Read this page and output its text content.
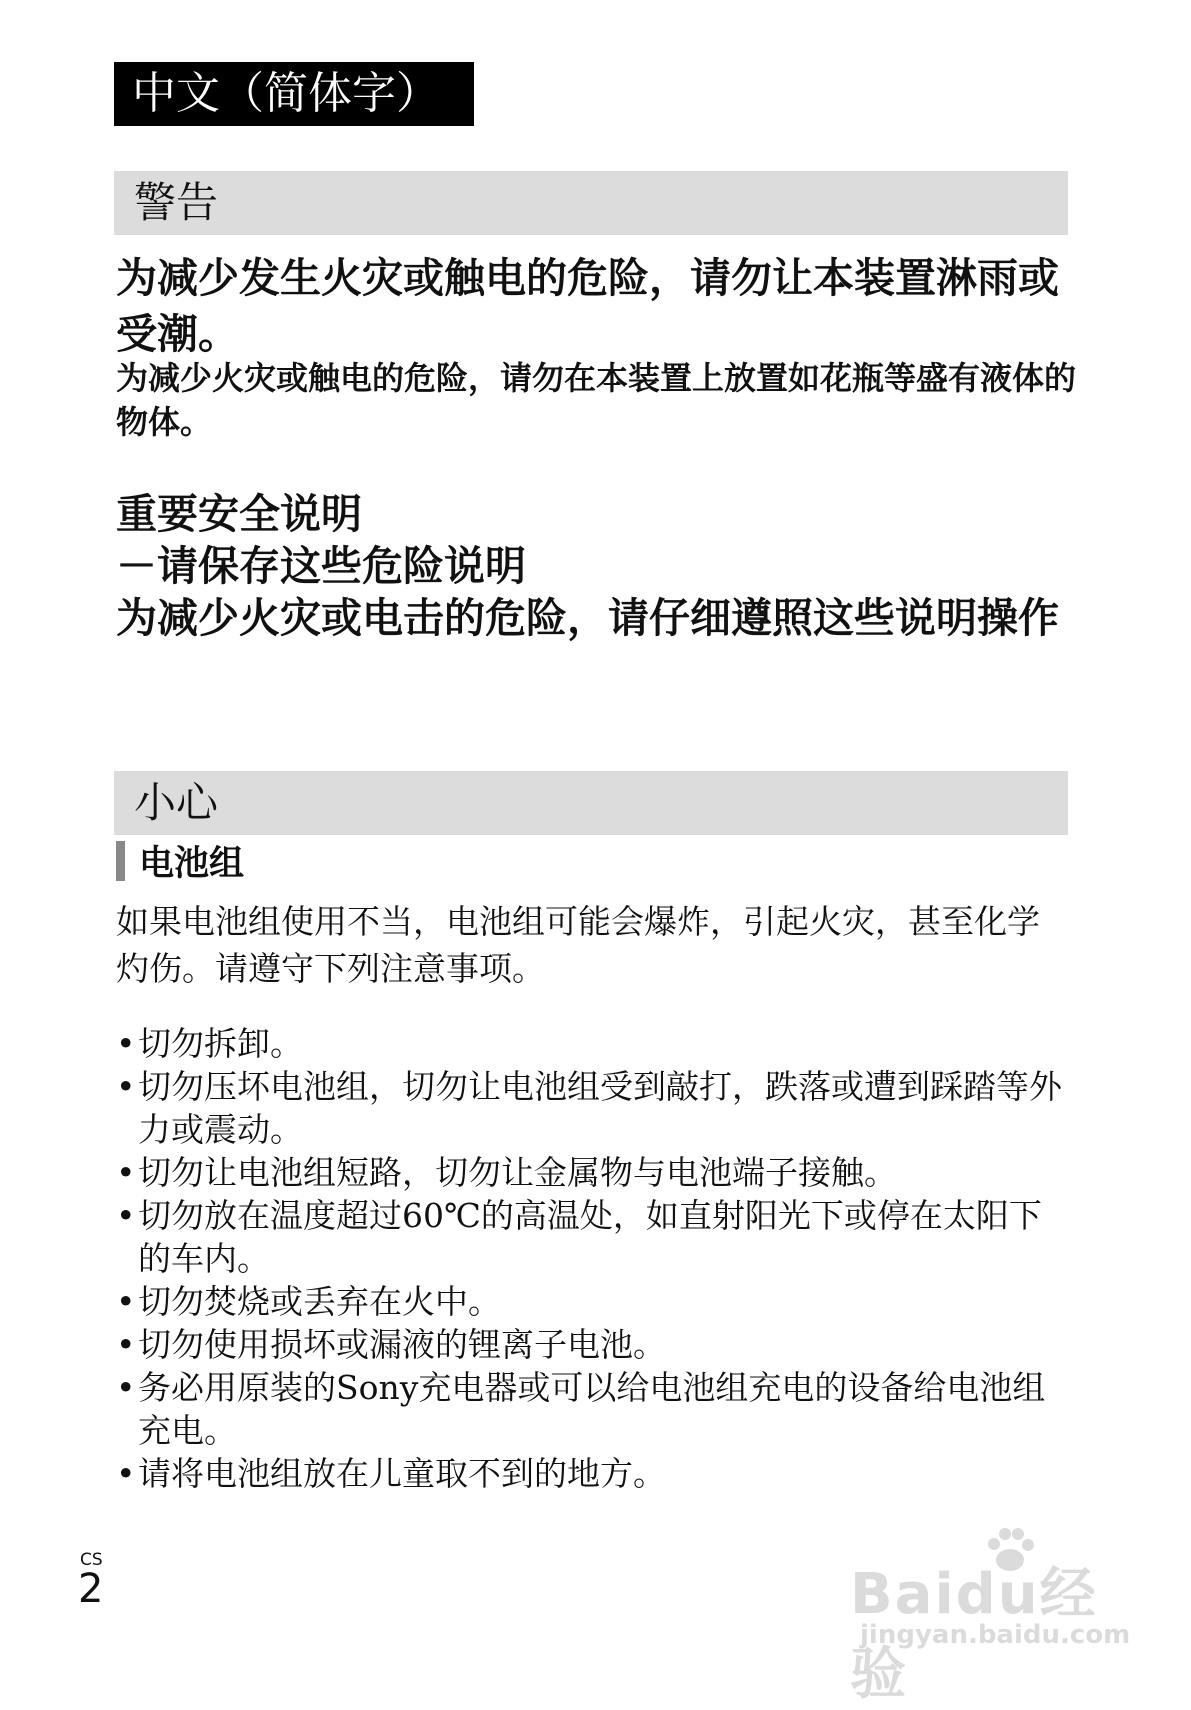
中文（简体字）
警告
为减少发生火灾或触电的危险，请勿让本装置淋雨或受潮。
为减少火灾或触电的危险，请勿在本装置上放置如花瓶等盛有液体的物体。

重要安全说明

－请保存这些危险说明

为减少火灾或电击的危险，请仔细遵照这些说明操作

小心
电池组
如果电池组使用不当，电池组可能会爆炸，引起火灾，甚至化学灼伤。请遵守下列注意事项。
• 切勿拆卸。
• 切勿压坏电池组，切勿让电池组受到敲打，跌落或遭到踩踏等外力或震动。
• 切勿让电池组短路，切勿让金属物与电池端子接触。
• 切勿放在温度超过60℃的高温处，如直射阳光下或停在太阳下的车内。
• 切勿焚烧或丢弃在火中。
• 切勿使用损坏或漏液的锂离子电池。
• 务必用原装的Sony充电器或可以给电池组充电的设备给电池组充电。
• 请将电池组放在儿童取不到的地方。
CS
2	Baidu经验
jingyan.baidu.com
